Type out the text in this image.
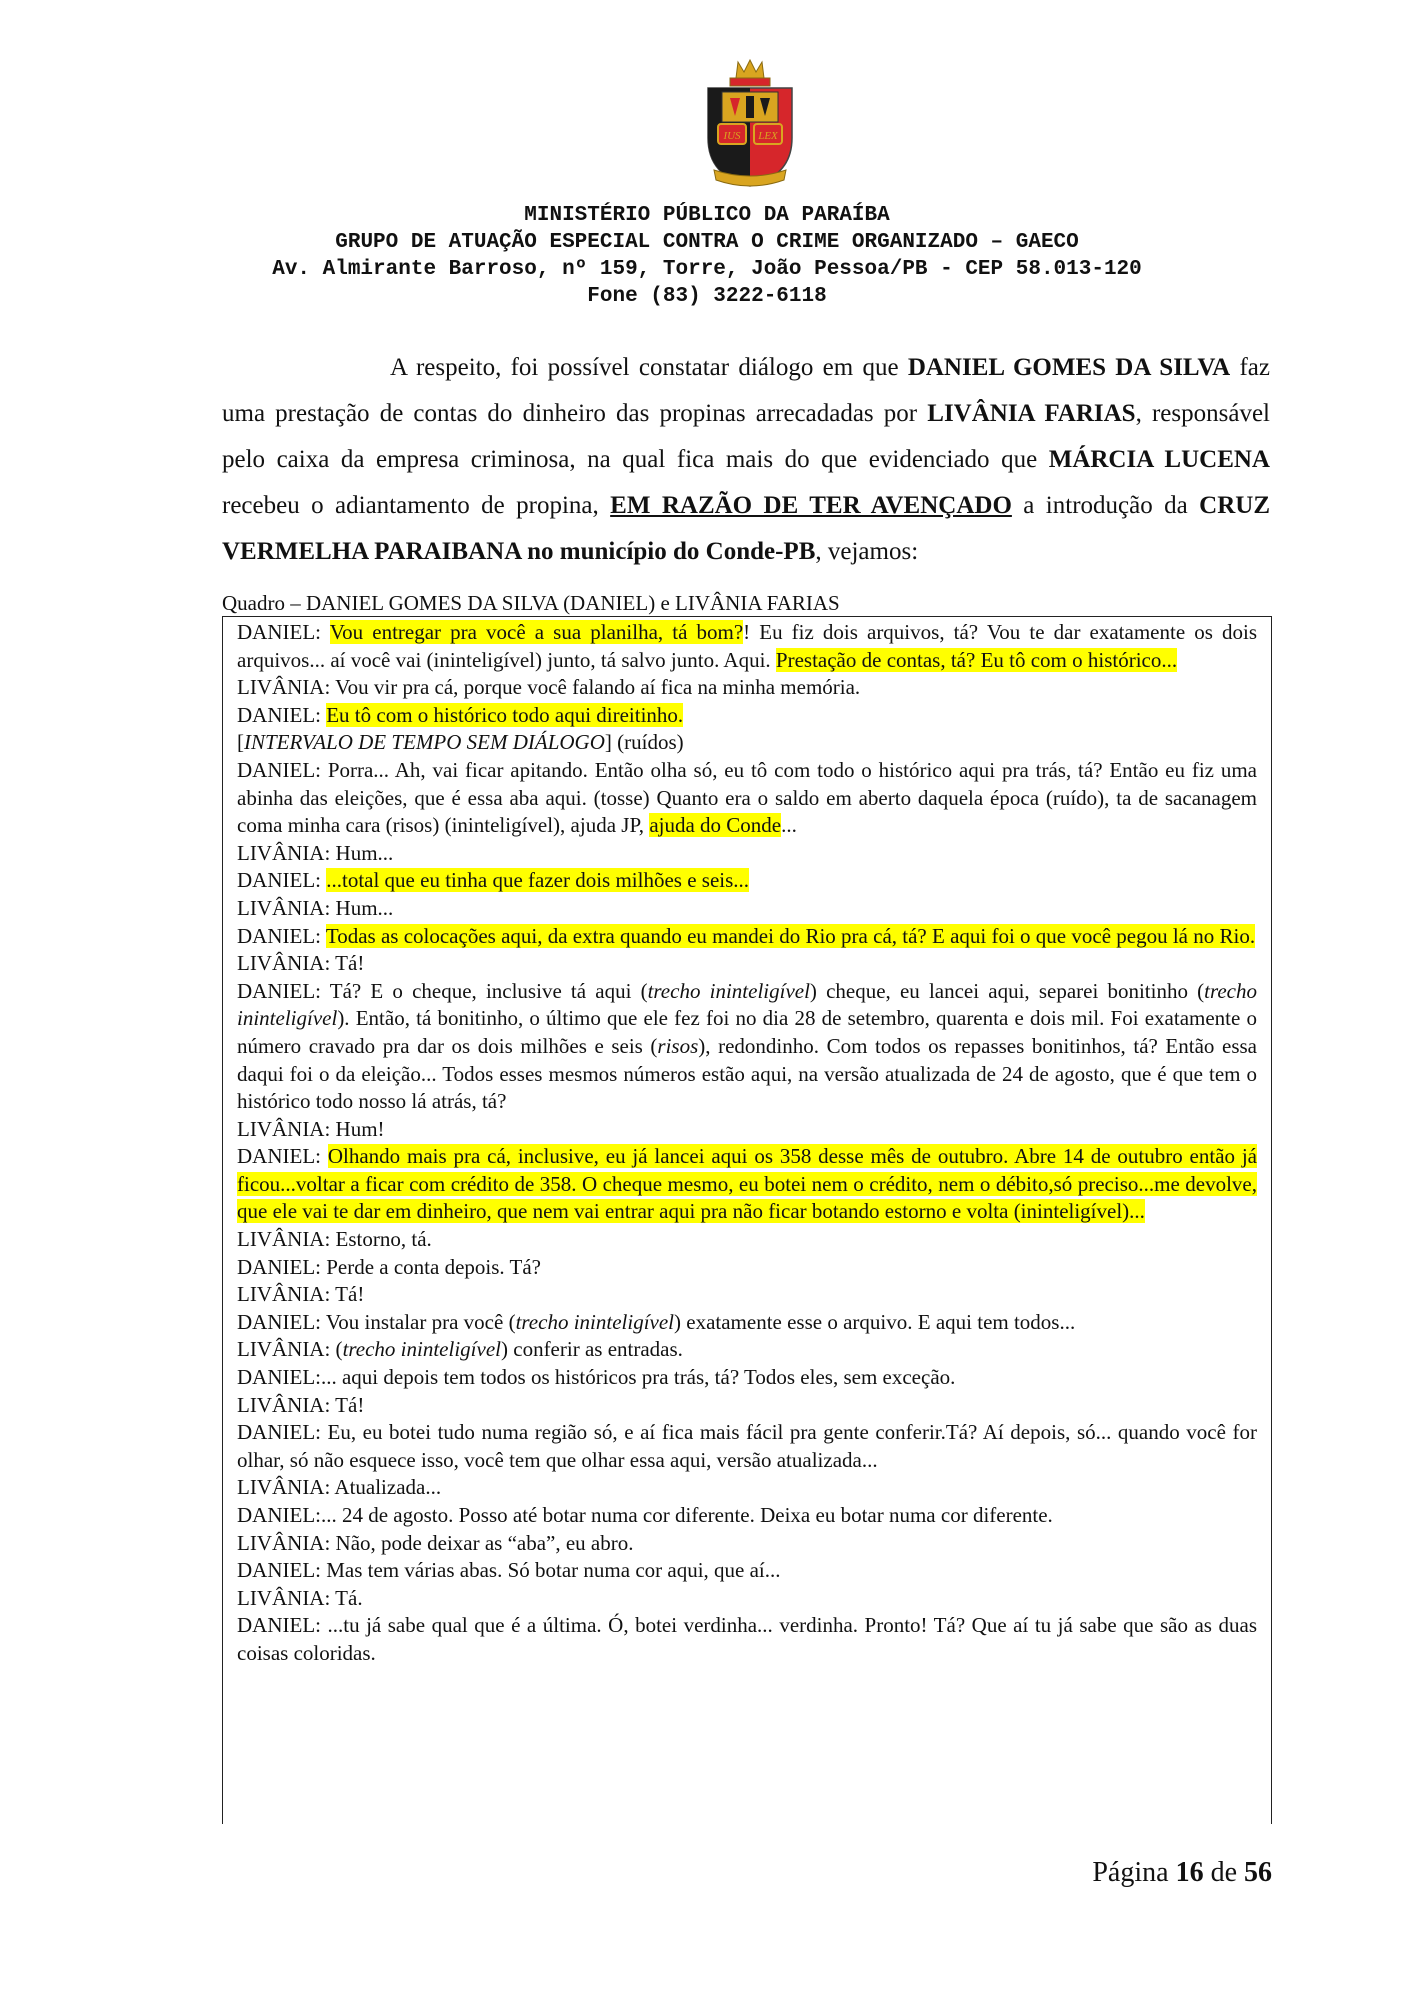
IUS LEX
MINISTÉRIO PÚBLICO DA PARAÍBA
GRUPO DE ATUAÇÃO ESPECIAL CONTRA O CRIME ORGANIZADO – GAECO
Av. Almirante Barroso, nº 159, Torre, João Pessoa/PB - CEP 58.013-120
Fone (83) 3222-6118
A respeito, foi possível constatar diálogo em que DANIEL GOMES DA SILVA faz uma prestação de contas do dinheiro das propinas arrecadadas por LIVÂNIA FARIAS, responsável pelo caixa da empresa criminosa, na qual fica mais do que evidenciado que MÁRCIA LUCENA recebeu o adiantamento de propina, EM RAZÃO DE TER AVENÇADO a introdução da CRUZ VERMELHA PARAIBANA no município do Conde-PB, vejamos:
Quadro – DANIEL GOMES DA SILVA (DANIEL) e LIVÂNIA FARIAS

DANIEL: Vou entregar pra você a sua planilha, tá bom?! Eu fiz dois arquivos, tá? Vou te dar exatamente os dois arquivos... aí você vai (ininteligível) junto, tá salvo junto. Aqui. Prestação de contas, tá? Eu tô com o histórico...

LIVÂNIA: Vou vir pra cá, porque você falando aí fica na minha memória.

DANIEL: Eu tô com o histórico todo aqui direitinho.

[INTERVALO DE TEMPO SEM DIÁLOGO] (ruídos)

DANIEL: Porra... Ah, vai ficar apitando. Então olha só, eu tô com todo o histórico aqui pra trás, tá? Então eu fiz uma abinha das eleições, que é essa aba aqui. (tosse) Quanto era o saldo em aberto daquela época (ruído), ta de sacanagem coma minha cara (risos) (ininteligível), ajuda JP, ajuda do Conde...

LIVÂNIA: Hum...

DANIEL: ...total que eu tinha que fazer dois milhões e seis...

LIVÂNIA: Hum...

DANIEL: Todas as colocações aqui, da extra quando eu mandei do Rio pra cá, tá? E aqui foi o que você pegou lá no Rio.

LIVÂNIA: Tá!

DANIEL: Tá? E o cheque, inclusive tá aqui (trecho ininteligível) cheque, eu lancei aqui, separei bonitinho (trecho ininteligível). Então, tá bonitinho, o último que ele fez foi no dia 28 de setembro, quarenta e dois mil. Foi exatamente o número cravado pra dar os dois milhões e seis (risos), redondinho. Com todos os repasses bonitinhos, tá? Então essa daqui foi o da eleição... Todos esses mesmos números estão aqui, na versão atualizada de 24 de agosto, que é que tem o histórico todo nosso lá atrás, tá?

LIVÂNIA: Hum!

DANIEL: Olhando mais pra cá, inclusive, eu já lancei aqui os 358 desse mês de outubro. Abre 14 de outubro então já ficou...voltar a ficar com crédito de 358. O cheque mesmo, eu botei nem o crédito, nem o débito,só preciso...me devolve, que ele vai te dar em dinheiro, que nem vai entrar aqui pra não ficar botando estorno e volta (ininteligível)...

LIVÂNIA: Estorno, tá.

DANIEL: Perde a conta depois. Tá?

LIVÂNIA: Tá!

DANIEL: Vou instalar pra você (trecho ininteligível) exatamente esse o arquivo. E aqui tem todos...

LIVÂNIA: (trecho ininteligível) conferir as entradas.

DANIEL:... aqui depois tem todos os históricos pra trás, tá? Todos eles, sem exceção.

LIVÂNIA: Tá!

DANIEL: Eu, eu botei tudo numa região só, e aí fica mais fácil pra gente conferir.Tá? Aí depois, só... quando você for olhar, só não esquece isso, você tem que olhar essa aqui, versão atualizada...

LIVÂNIA: Atualizada...

DANIEL:... 24 de agosto. Posso até botar numa cor diferente. Deixa eu botar numa cor diferente.

LIVÂNIA: Não, pode deixar as “aba”, eu abro.

DANIEL: Mas tem várias abas. Só botar numa cor aqui, que aí...

LIVÂNIA: Tá.

DANIEL: ...tu já sabe qual que é a última. Ó, botei verdinha... verdinha. Pronto! Tá? Que aí tu já sabe que são as duas coisas coloridas.

Página 16 de 56
